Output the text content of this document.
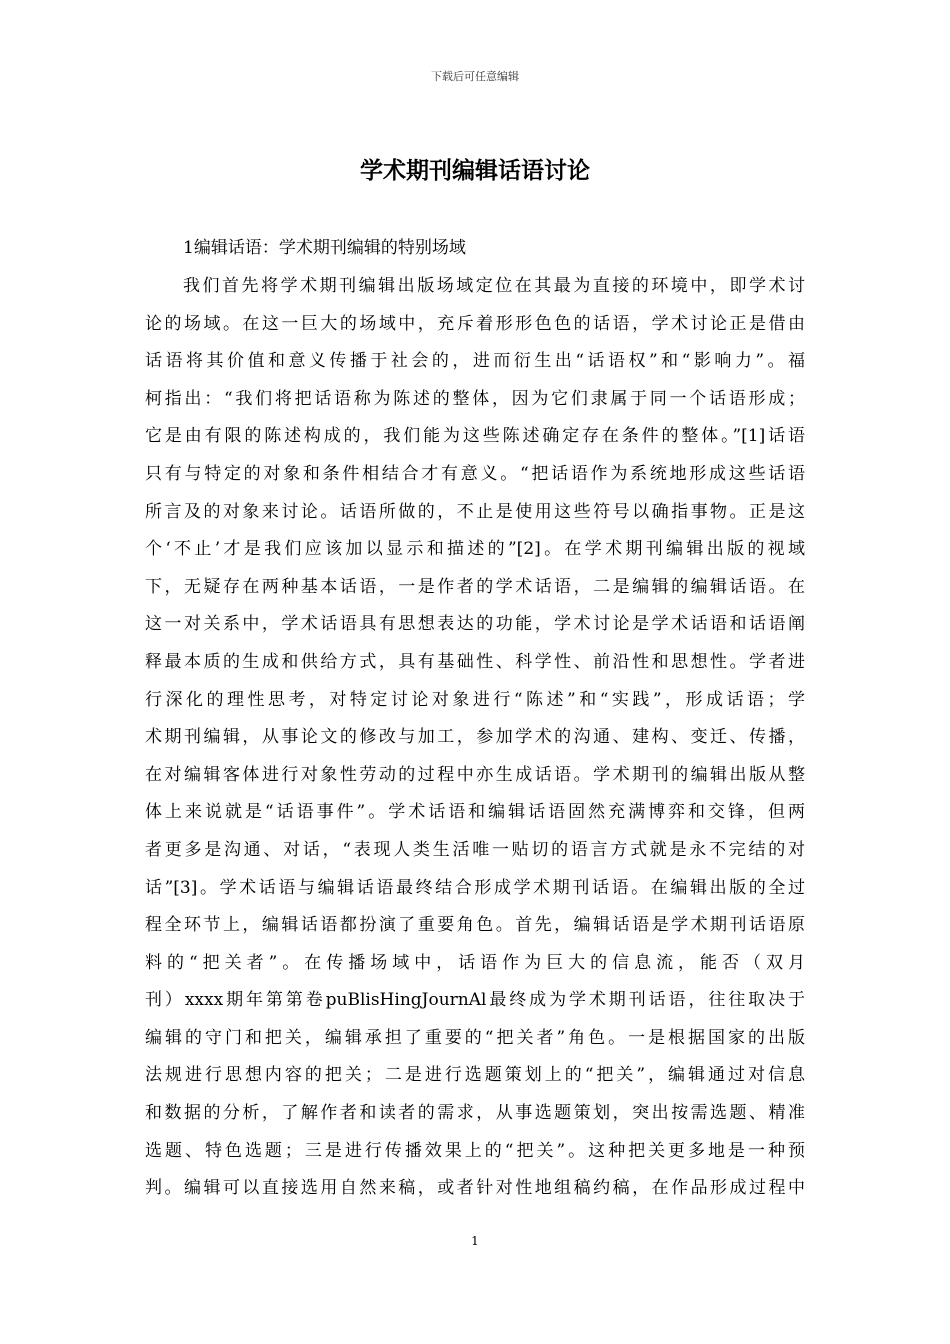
下载后可任意编辑
学术期刊编辑话语讨论
1编辑话语：学术期刊编辑的特别场域
我们首先将学术期刊编辑出版场域定位在其最为直接的环境中，即学术讨
论的场域。在这一巨大的场域中，充斥着形形色色的话语，学术讨论正是借由
话语将其价值和意义传播于社会的，进而衍生出“话语权”和“影响力”。福
柯指出：“我们将把话语称为陈述的整体，因为它们隶属于同一个话语形成；
它是由有限的陈述构成的，我们能为这些陈述确定存在条件的整体。”[1]话语
只有与特定的对象和条件相结合才有意义。“把话语作为系统地形成这些话语
所言及的对象来讨论。话语所做的，不止是使用这些符号以确指事物。正是这
个‘不止’才是我们应该加以显示和描述的”[2]。在学术期刊编辑出版的视域
下，无疑存在两种基本话语，一是作者的学术话语，二是编辑的编辑话语。在
这一对关系中，学术话语具有思想表达的功能，学术讨论是学术话语和话语阐
释最本质的生成和供给方式，具有基础性、科学性、前沿性和思想性。学者进
行深化的理性思考，对特定讨论对象进行“陈述”和“实践”，形成话语；学
术期刊编辑，从事论文的修改与加工，参加学术的沟通、建构、变迁、传播，
在对编辑客体进行对象性劳动的过程中亦生成话语。学术期刊的编辑出版从整
体上来说就是“话语事件”。学术话语和编辑话语固然充满博弈和交锋，但两
者更多是沟通、对话，“表现人类生活唯一贴切的语言方式就是永不完结的对
话”[3]。学术话语与编辑话语最终结合形成学术期刊话语。在编辑出版的全过
程全环节上，编辑话语都扮演了重要角色。首先，编辑话语是学术期刊话语原
料的“把关者”。在传播场域中，话语作为巨大的信息流，能否（双月
刊）xxxx期年第第卷puBlisHingJournAl最终成为学术期刊话语，往往取决于
编辑的守门和把关，编辑承担了重要的“把关者”角色。一是根据国家的出版
法规进行思想内容的把关；二是进行选题策划上的“把关”，编辑通过对信息
和数据的分析，了解作者和读者的需求，从事选题策划，突出按需选题、精准
选题、特色选题；三是进行传播效果上的“把关”。这种把关更多地是一种预
判。编辑可以直接选用自然来稿，或者针对性地组稿约稿，在作品形成过程中
1
